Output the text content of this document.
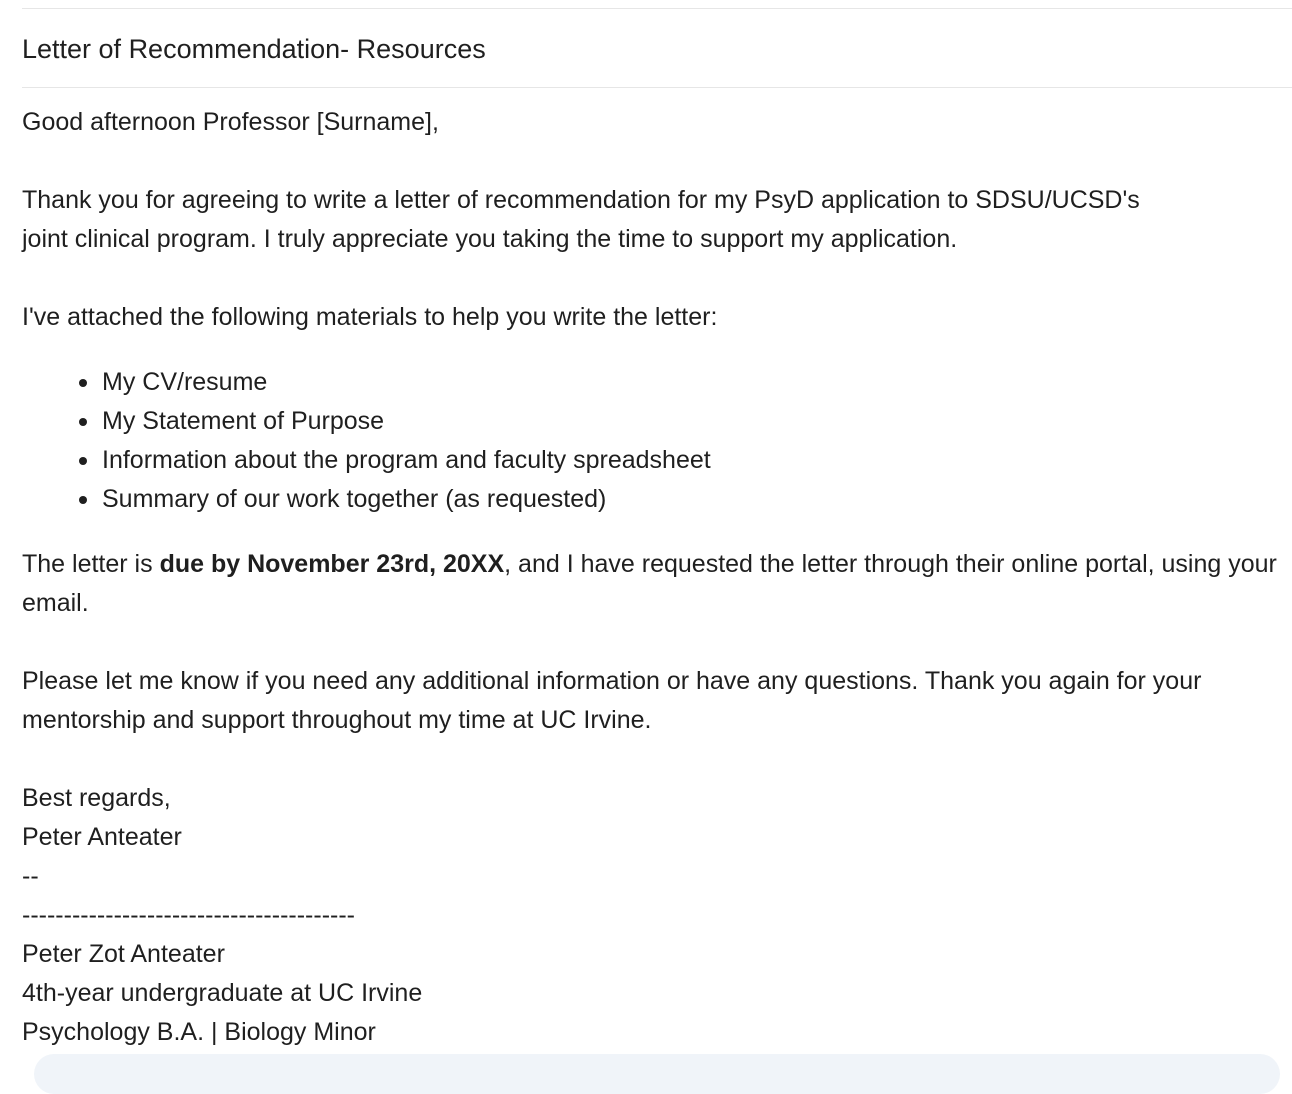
Letter of Recommendation- Resources

Good afternoon Professor [Surname],

Thank you for agreeing to write a letter of recommendation for my PsyD application to SDSU/UCSD's

joint clinical program. I truly appreciate you taking the time to support my application.

I've attached the following materials to help you write the letter:

My CV/resume
My Statement of Purpose
Information about the program and faculty spreadsheet
Summary of our work together (as requested)

The letter is due by November 23rd, 20XX, and I have requested the letter through their online portal, using your email.

Please let me know if you need any additional information or have any questions. Thank you again for your mentorship and support throughout my time at UC Irvine.

Best regards,

Peter Anteater

--

----------------------------------------

Peter Zot Anteater

4th-year undergraduate at UC Irvine

Psychology B.A. | Biology Minor
